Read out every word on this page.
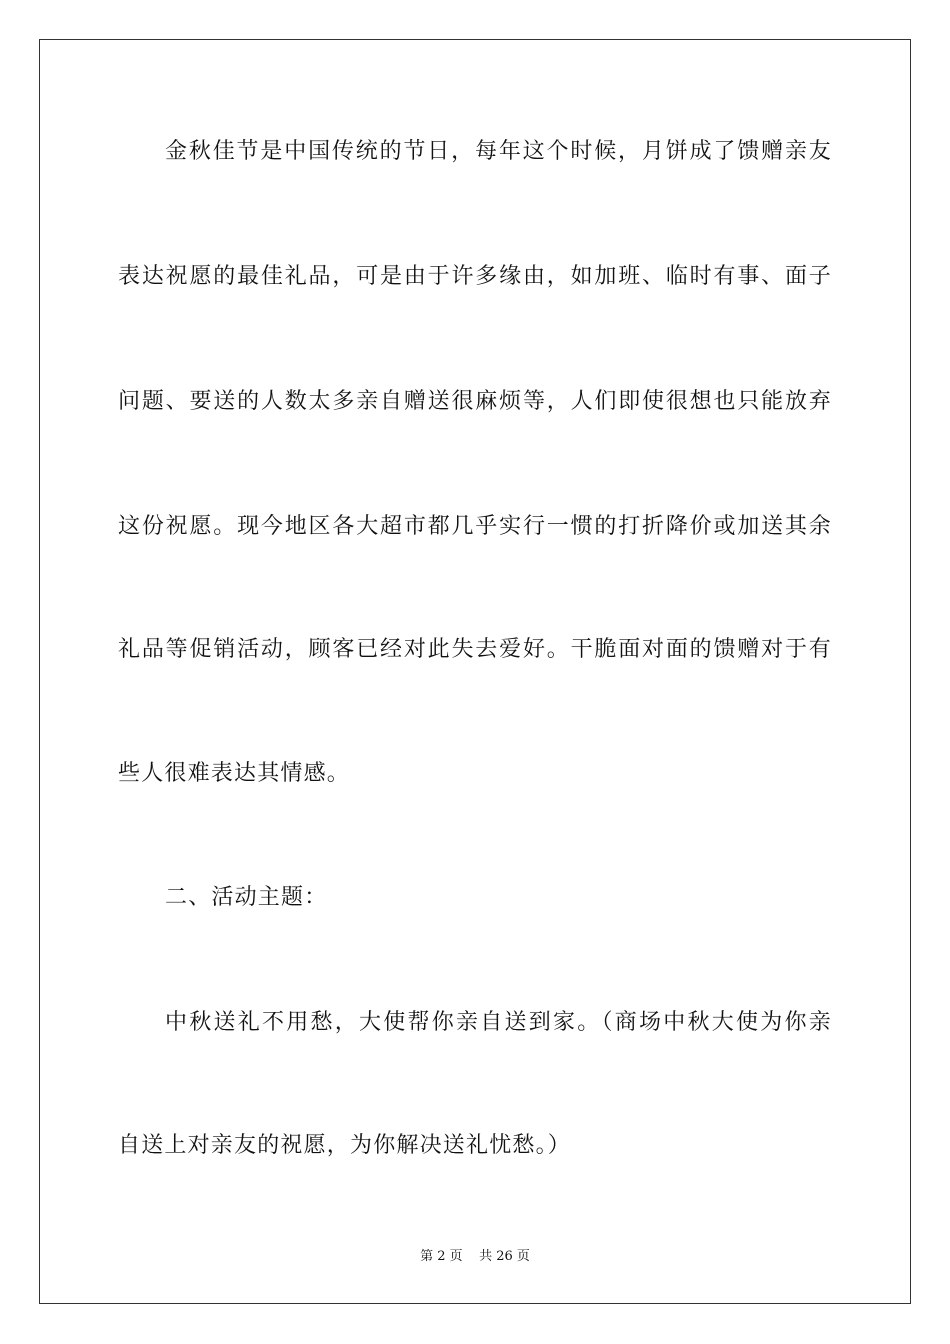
金秋佳节是中国传统的节日，每年这个时候，月饼成了馈赠亲友
表达祝愿的最佳礼品，可是由于许多缘由，如加班、临时有事、面子
问题、要送的人数太多亲自赠送很麻烦等，人们即使很想也只能放弃
这份祝愿。现今地区各大超市都几乎实行一惯的打折降价或加送其余
礼品等促销活动，顾客已经对此失去爱好。干脆面对面的馈赠对于有
些人很难表达其情感。
二、活动主题：
中秋送礼不用愁，大使帮你亲自送到家。（商场中秋大使为你亲
自送上对亲友的祝愿，为你解决送礼忧愁。）
第 2 页    共 26 页
